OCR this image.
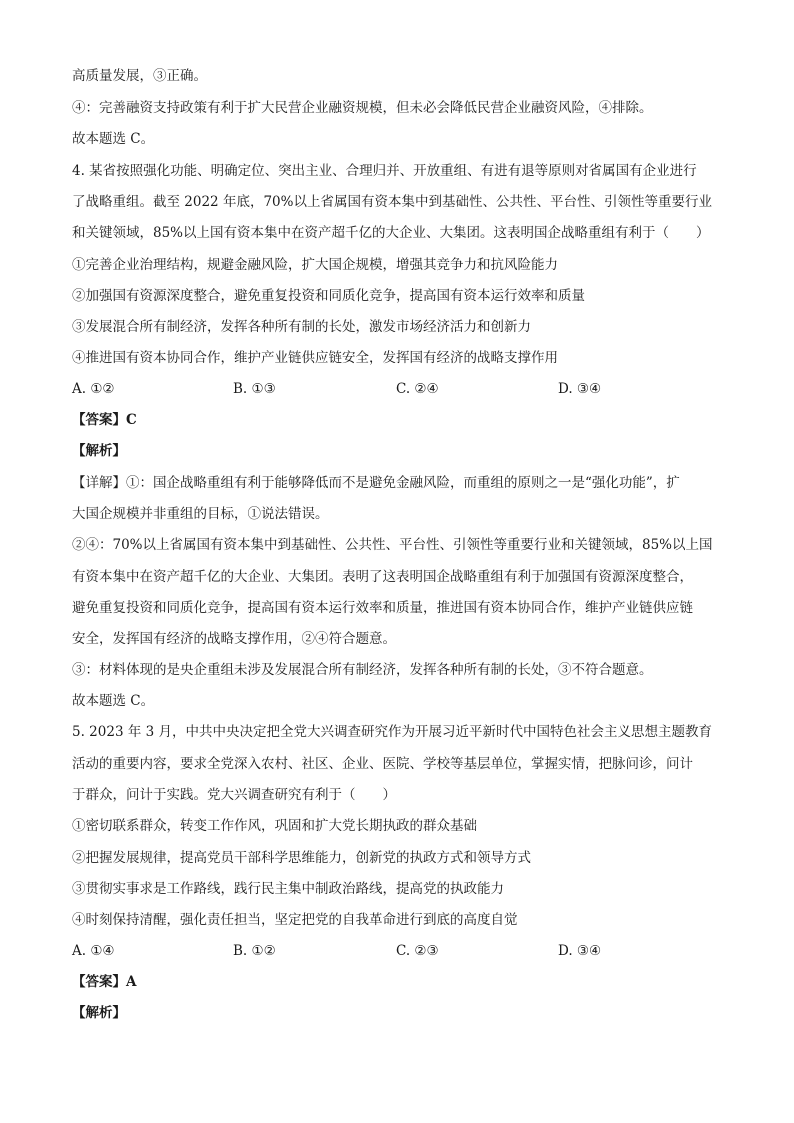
高质量发展，③正确。
④：完善融资支持政策有利于扩大民营企业融资规模，但未必会降低民营企业融资风险，④排除。
故本题选 C。
4. 某省按照强化功能、明确定位、突出主业、合理归并、开放重组、有进有退等原则对省属国有企业进行
了战略重组。截至 2022 年底，70%以上省属国有资本集中到基础性、公共性、平台性、引领性等重要行业
和关键领域，85%以上国有资本集中在资产超千亿的大企业、大集团。这表明国企战略重组有利于（　　）
①完善企业治理结构，规避金融风险，扩大国企规模，增强其竞争力和抗风险能力
②加强国有资源深度整合，避免重复投资和同质化竞争，提高国有资本运行效率和质量
③发展混合所有制经济，发挥各种所有制的长处，激发市场经济活力和创新力
④推进国有资本协同合作，维护产业链供应链安全，发挥国有经济的战略支撑作用
A. ①②	B. ①③	C. ②④	D. ③④
【答案】C
【解析】
【详解】①：国企战略重组有利于能够降低而不是避免金融风险，而重组的原则之一是“强化功能”，扩
大国企规模并非重组的目标，①说法错误。
②④：70%以上省属国有资本集中到基础性、公共性、平台性、引领性等重要行业和关键领域，85%以上国
有资本集中在资产超千亿的大企业、大集团。表明了这表明国企战略重组有利于加强国有资源深度整合，
避免重复投资和同质化竞争，提高国有资本运行效率和质量，推进国有资本协同合作，维护产业链供应链
安全，发挥国有经济的战略支撑作用，②④符合题意。
③：材料体现的是央企重组未涉及发展混合所有制经济，发挥各种所有制的长处，③不符合题意。
故本题选 C。
5. 2023 年 3 月，中共中央决定把全党大兴调查研究作为开展习近平新时代中国特色社会主义思想主题教育
活动的重要内容，要求全党深入农村、社区、企业、医院、学校等基层单位，掌握实情，把脉问诊，问计
于群众，问计于实践。党大兴调查研究有利于（　　）
①密切联系群众，转变工作作风，巩固和扩大党长期执政的群众基础
②把握发展规律，提高党员干部科学思维能力，创新党的执政方式和领导方式
③贯彻实事求是工作路线，践行民主集中制政治路线，提高党的执政能力
④时刻保持清醒，强化责任担当，坚定把党的自我革命进行到底的高度自觉
A. ①④	B. ①②	C. ②③	D. ③④
【答案】A
【解析】
